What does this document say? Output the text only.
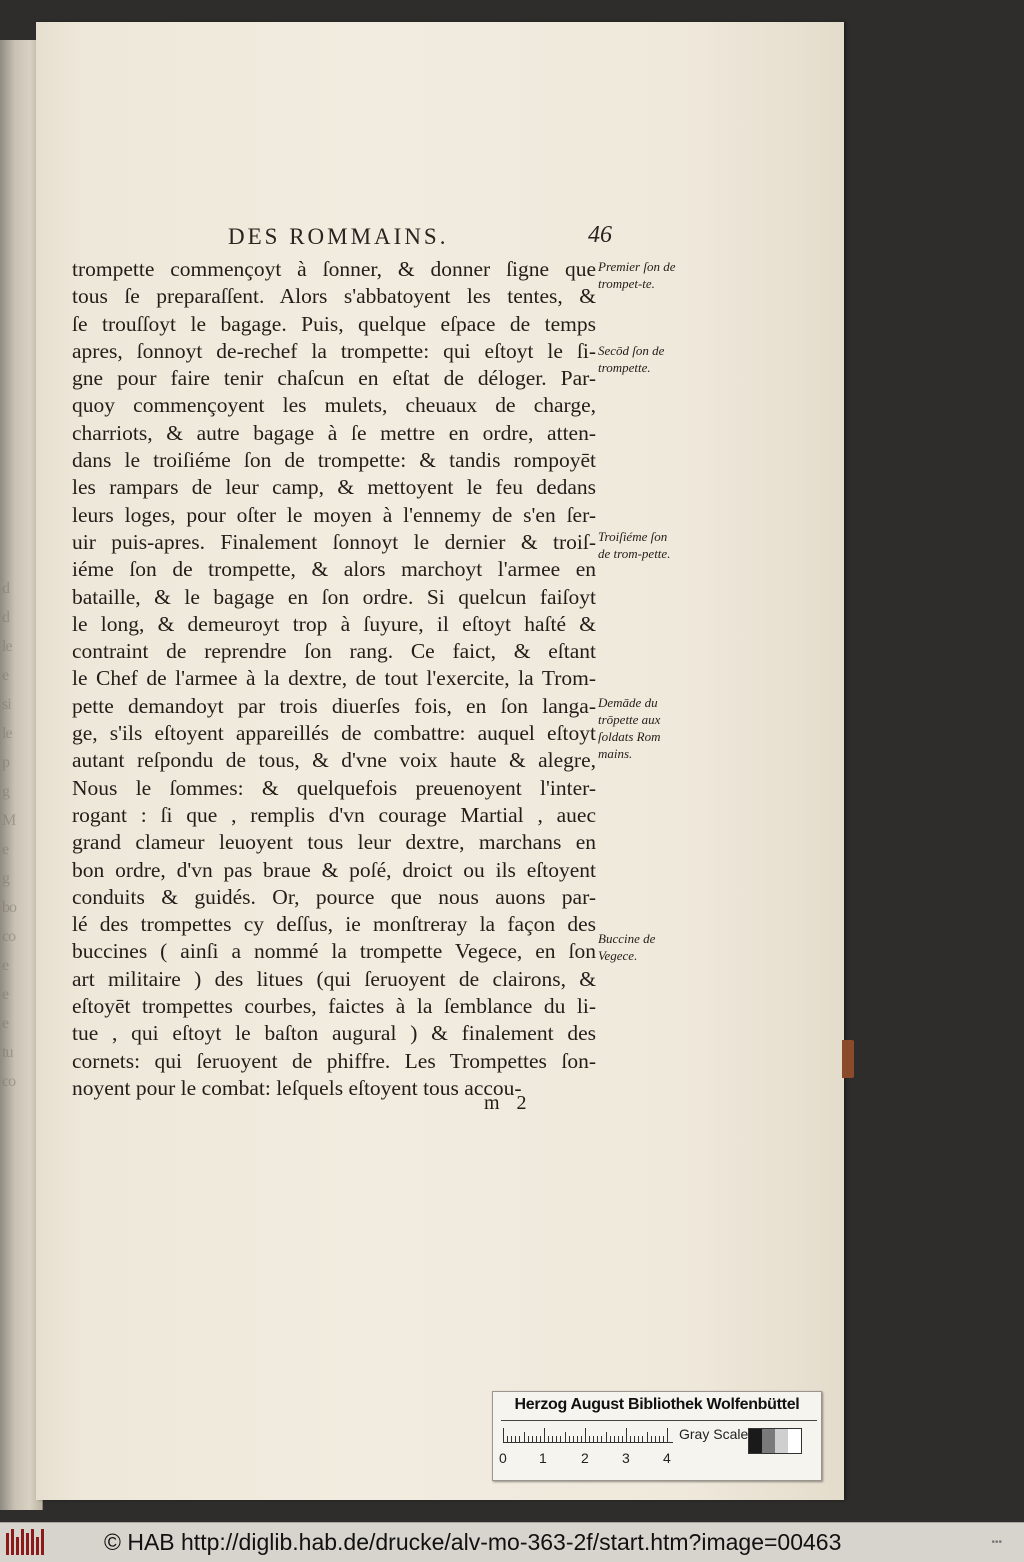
d
d
le
e
si
le
p
g
M
e
g
bo
co
e
e
e
tu
co
DES ROMMAINS.	46
trompette commençoyt à ſonner, & donner ſigne que
tous ſe preparaſſent. Alors s'abbatoyent les tentes, &
ſe trouſſoyt le bagage. Puis, quelque eſpace de temps
apres, ſonnoyt de-rechef la trompette: qui eſtoyt le ſi-
gne pour faire tenir chaſcun en eſtat de déloger. Par-
quoy commençoyent les mulets, cheuaux de charge,
charriots, & autre bagage à ſe mettre en ordre, atten-
dans le troiſiéme ſon de trompette: & tandis rompoyēt
les rampars de leur camp, & mettoyent le feu dedans
leurs loges, pour oſter le moyen à l'ennemy de s'en ſer-
uir puis-apres. Finalement ſonnoyt le dernier & troiſ-
iéme ſon de trompette, & alors marchoyt l'armee en
bataille, & le bagage en ſon ordre. Si quelcun faiſoyt
le long, & demeuroyt trop à ſuyure, il eſtoyt haſté &
contraint de reprendre ſon rang. Ce faict, & eſtant
le Chef de l'armee à la dextre, de tout l'exercite, la Trom-
pette demandoyt par trois diuerſes fois, en ſon langa-
ge, s'ils eſtoyent appareillés de combattre: auquel eſtoyt
autant reſpondu de tous, & d'vne voix haute & alegre,
Nous le ſommes: & quelquefois preuenoyent l'inter-
rogant : ſi que , remplis d'vn courage Martial , auec
grand clameur leuoyent tous leur dextre, marchans en
bon ordre, d'vn pas braue & poſé, droict ou ils eſtoyent
conduits & guidés. Or, pource que nous auons par-
lé des trompettes cy deſſus, ie monſtreray la façon des
buccines ( ainſi a nommé la trompette Vegece, en ſon
art militaire ) des litues (qui ſeruoyent de clairons, &
eſtoyēt trompettes courbes, faictes à la ſemblance du li-
tue , qui eſtoyt le baſton augural ) & finalement des
cornets: qui ſeruoyent de phiffre. Les Trompettes ſon-
noyent pour le combat: leſquels eſtoyent tous accou-
m 2
Premier ſon de trompet-te.
Secōd ſon de trompette.
Troiſiéme ſon de trom-pette.
Demāde du trōpette aux ſoldats Rom mains.
Buccine de Vegece.
Herzog August Bibliothek Wolfenbüttel
0 1 2 3 4
Gray Scale
© HAB http://diglib.hab.de/drucke/alv-mo-363-2f/start.htm?image=00463	•••
